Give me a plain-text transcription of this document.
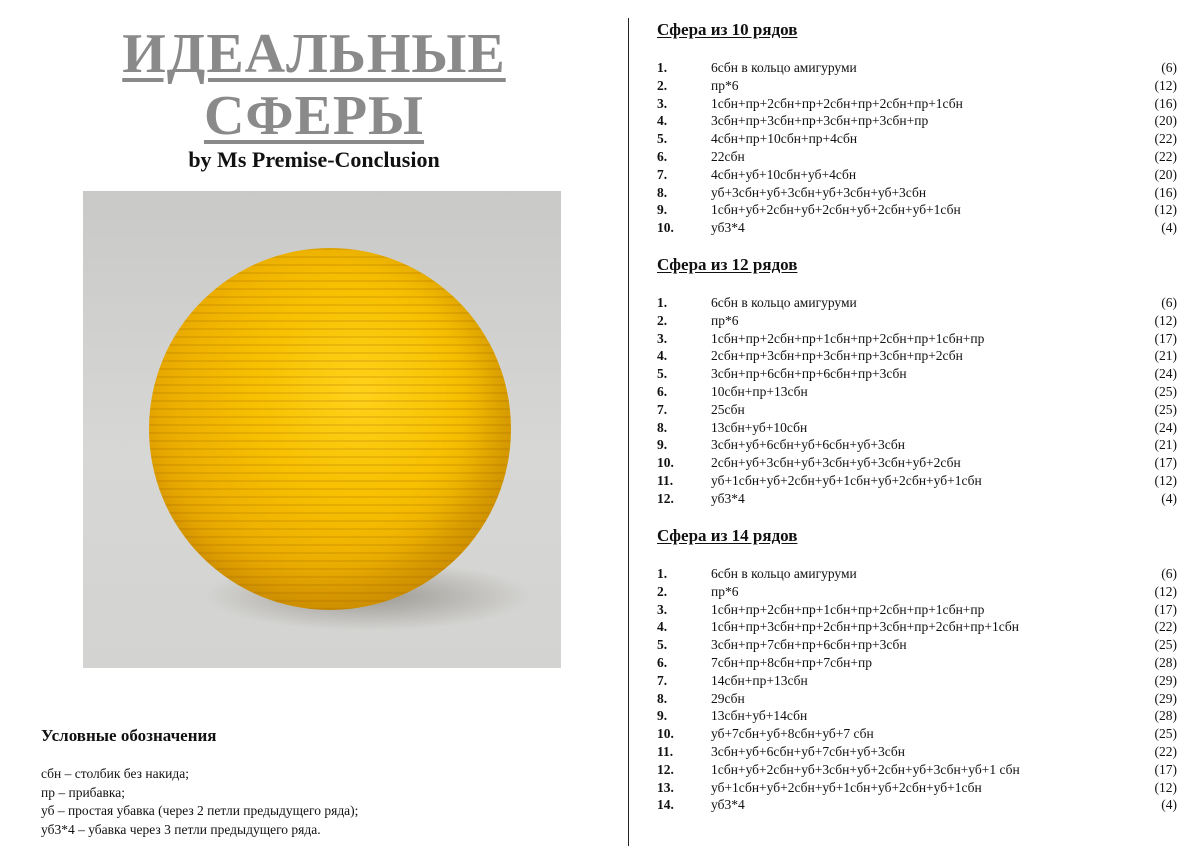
ИДЕАЛЬНЫЕ
СФЕРЫ
by Ms Premise-Conclusion
Условные обозначения
сбн – столбик без накида;
пр – прибавка;
уб – простая убавка (через 2 петли предыдущего ряда);
уб3*4 – убавка через 3 петли предыдущего ряда.
Сфера из 10 рядов
1.	6сбн в кольцо амигуруми	(6)
2.	пр*6	(12)
3.	1сбн+пр+2сбн+пр+2сбн+пр+2сбн+пр+1сбн	(16)
4.	3сбн+пр+3сбн+пр+3сбн+пр+3сбн+пр	(20)
5.	4сбн+пр+10сбн+пр+4сбн	(22)
6.	22сбн	(22)
7.	4сбн+уб+10сбн+уб+4сбн	(20)
8.	уб+3сбн+уб+3сбн+уб+3сбн+уб+3сбн	(16)
9.	1сбн+уб+2сбн+уб+2сбн+уб+2сбн+уб+1сбн	(12)
10.	уб3*4	(4)
Сфера из 12 рядов
1.	6сбн в кольцо амигуруми	(6)
2.	пр*6	(12)
3.	1сбн+пр+2сбн+пр+1сбн+пр+2сбн+пр+1сбн+пр	(17)
4.	2сбн+пр+3сбн+пр+3сбн+пр+3сбн+пр+2сбн	(21)
5.	3сбн+пр+6сбн+пр+6сбн+пр+3сбн	(24)
6.	10сбн+пр+13сбн	(25)
7.	25сбн	(25)
8.	13сбн+уб+10сбн	(24)
9.	3сбн+уб+6сбн+уб+6сбн+уб+3сбн	(21)
10.	2сбн+уб+3сбн+уб+3сбн+уб+3сбн+уб+2сбн	(17)
11.	уб+1сбн+уб+2сбн+уб+1сбн+уб+2сбн+уб+1сбн	(12)
12.	уб3*4	(4)
Сфера из 14 рядов
1.	6сбн в кольцо амигуруми	(6)
2.	пр*6	(12)
3.	1сбн+пр+2сбн+пр+1сбн+пр+2сбн+пр+1сбн+пр	(17)
4.	1сбн+пр+3сбн+пр+2сбн+пр+3сбн+пр+2сбн+пр+1сбн	(22)
5.	3сбн+пр+7сбн+пр+6сбн+пр+3сбн	(25)
6.	7сбн+пр+8сбн+пр+7сбн+пр	(28)
7.	14сбн+пр+13сбн	(29)
8.	29сбн	(29)
9.	13сбн+уб+14сбн	(28)
10.	уб+7сбн+уб+8сбн+уб+7 сбн	(25)
11.	3сбн+уб+6сбн+уб+7сбн+уб+3сбн	(22)
12.	1сбн+уб+2сбн+уб+3сбн+уб+2сбн+уб+3сбн+уб+1 сбн	(17)
13.	уб+1сбн+уб+2сбн+уб+1сбн+уб+2сбн+уб+1сбн	(12)
14.	уб3*4	(4)
